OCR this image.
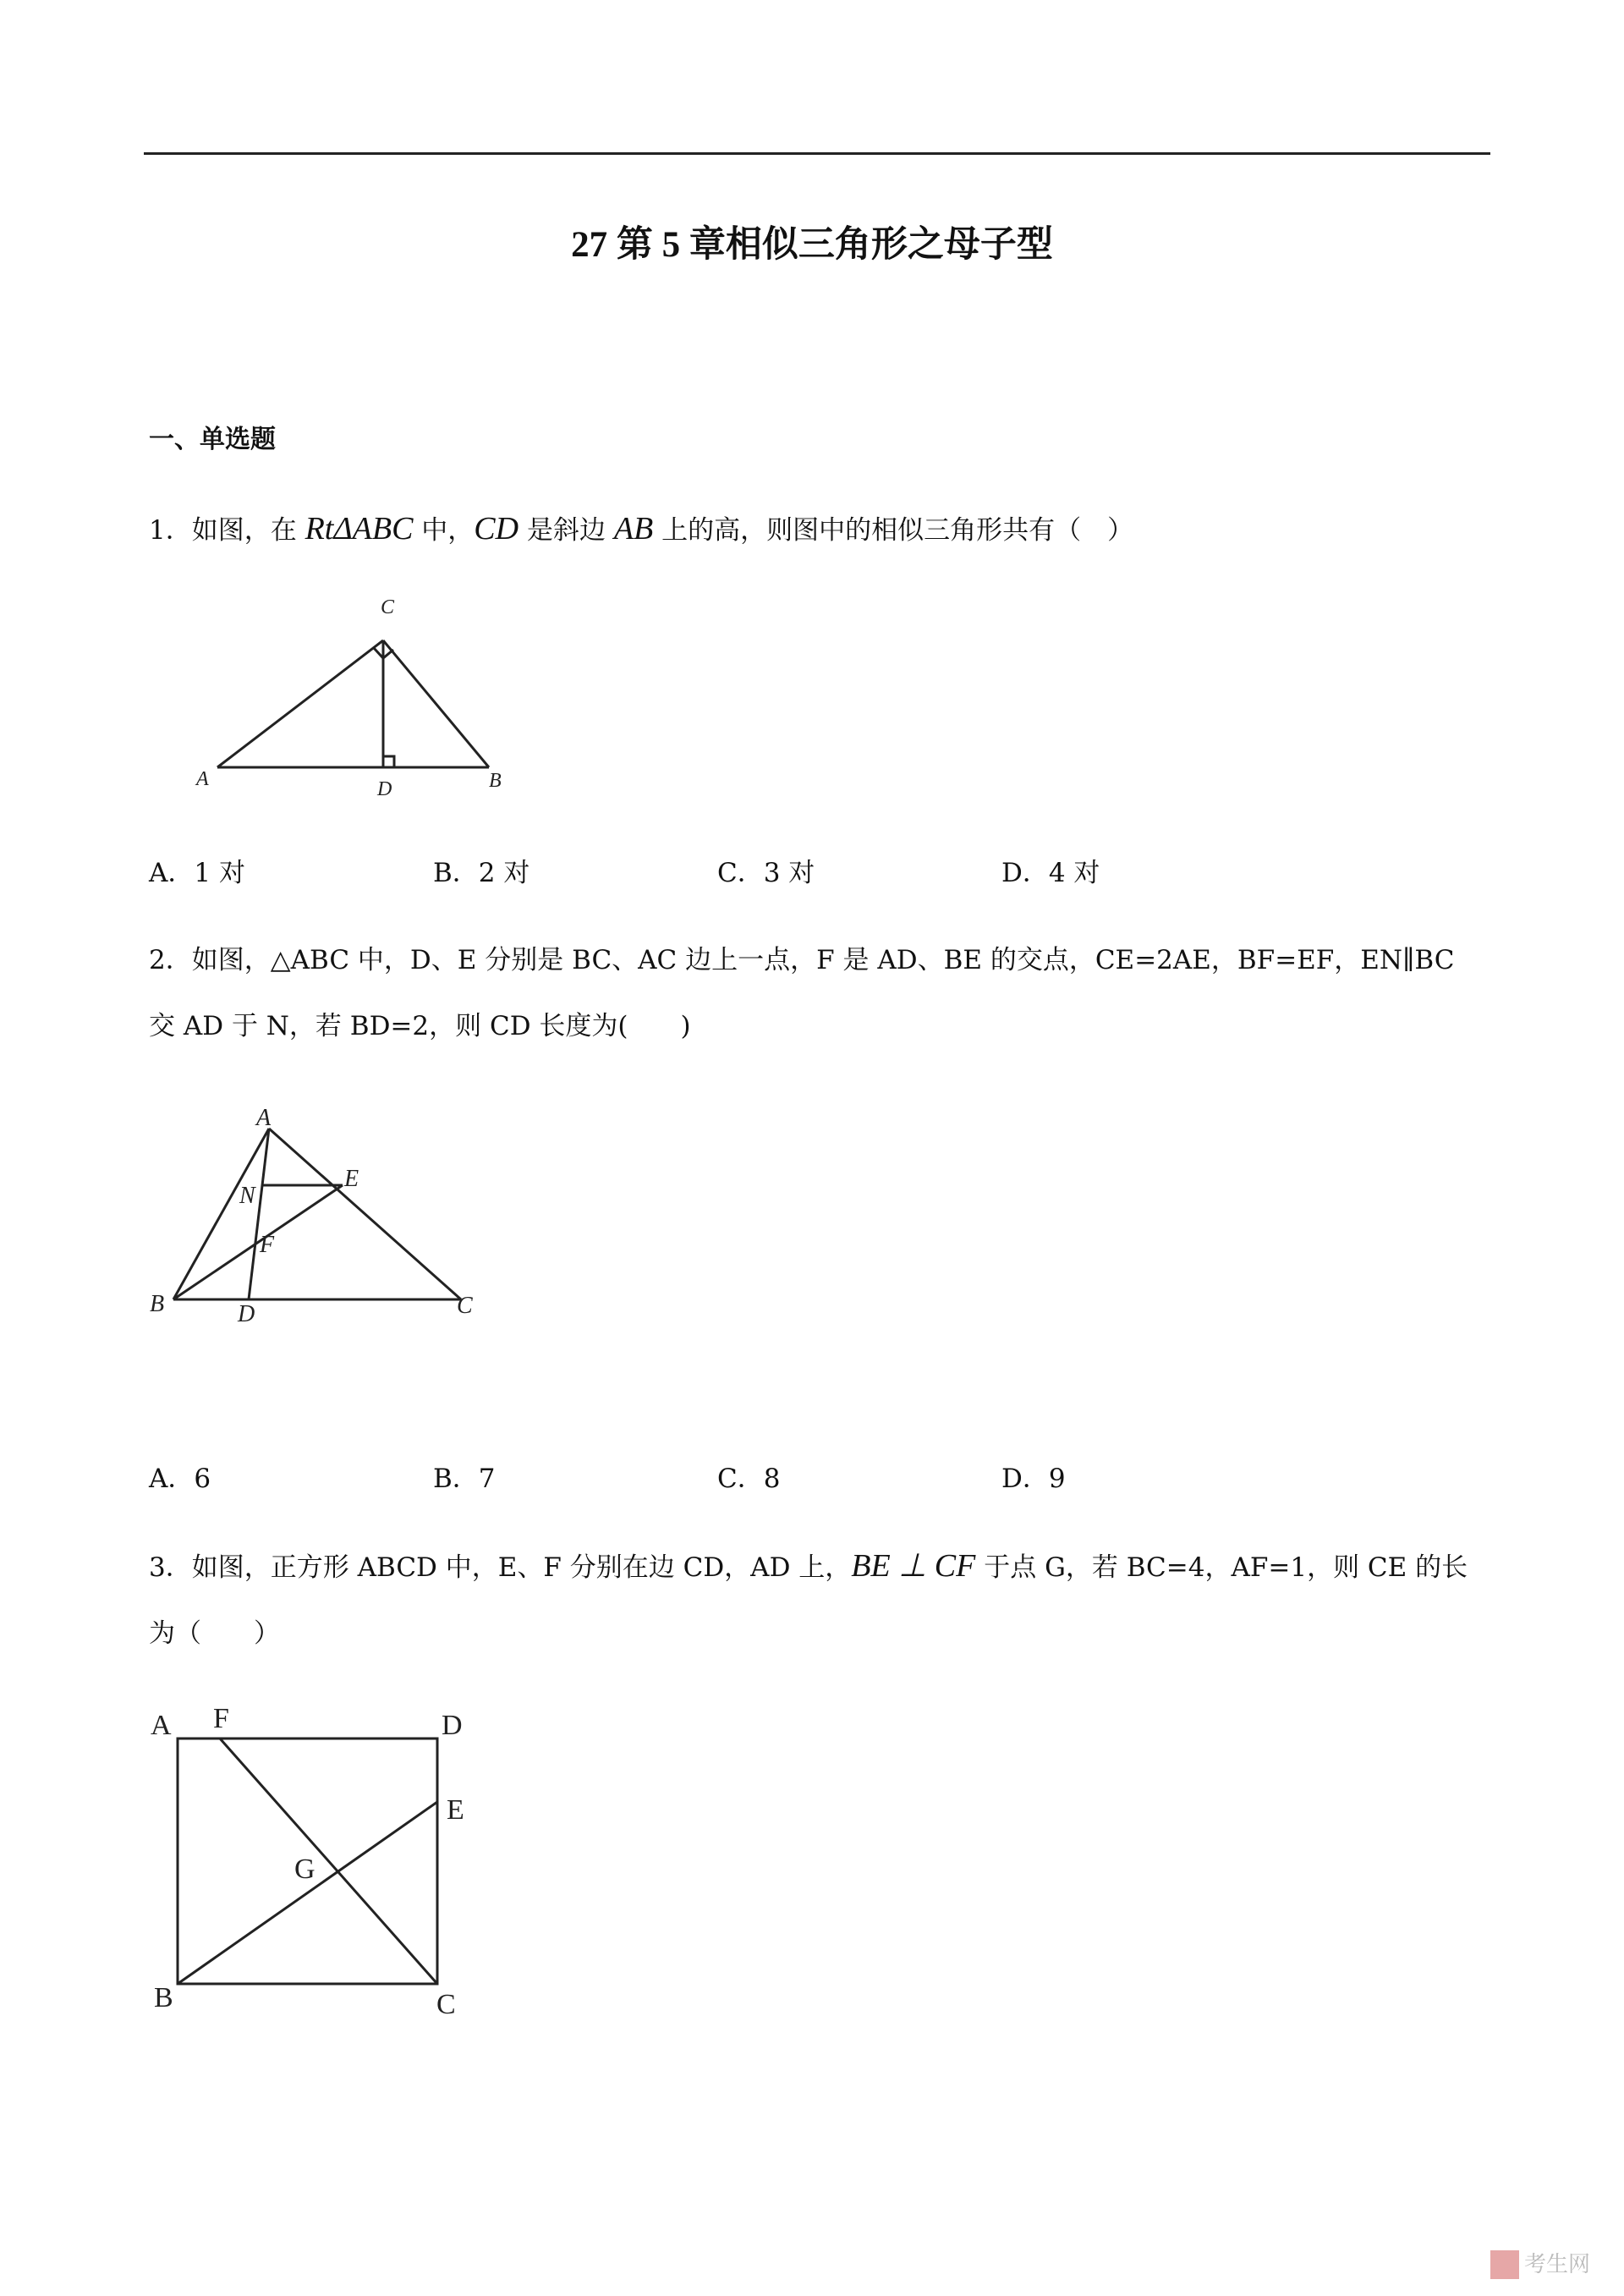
27 第 5 章相似三角形之母子型
一、单选题
1．如图，在 RtΔABC 中，CD 是斜边 AB 上的高，则图中的相似三角形共有（　）
C
A	D	B
A．1 对	B．2 对	C．3 对	D．4 对
2．如图，△ABC 中，D、E 分别是 BC、AC 边上一点，F 是 AD、BE 的交点，CE=2AE，BF=EF，EN∥BC
交 AD 于 N，若 BD=2，则 CD 长度为(　　)
A
N
E
F
B	D	C
A．6	B．7	C．8	D．9
3．如图，正方形 ABCD 中，E、F 分别在边 CD，AD 上，BE ⊥ CF 于点 G，若 BC=4，AF=1，则 CE 的长
为（　　）
A F	D
E
G
B	C
考生网
